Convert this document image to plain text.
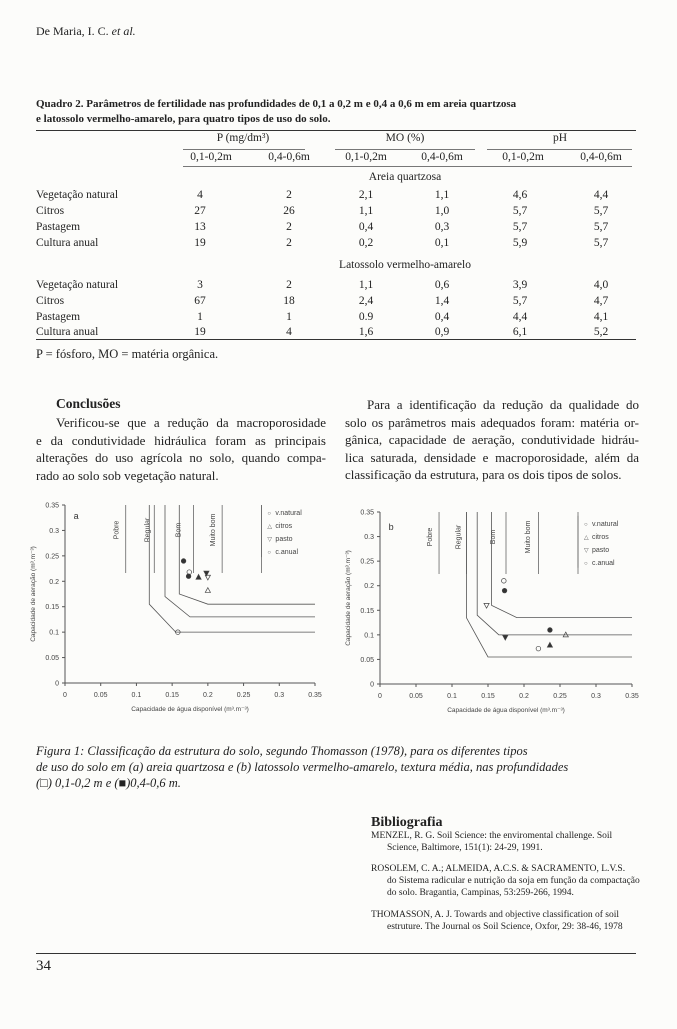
De Maria, I. C. et al.
Quadro 2. Parâmetros de fertilidade nas profundidades de 0,1 a 0,2 m e 0,4 a 0,6 m em areia quartzosa
e latossolo vermelho-amarelo, para quatro tipos de uso do solo.
P (mg/dm³)	MO (%)	pH
0,1-0,2m	0,4-0,6m	0,1-0,2m	0,4-0,6m	0,1-0,2m	0,4-0,6m
Areia quartzosa
Vegetação natural	4	2	2,1	1,1	4,6	4,4
Citros	27	26	1,1	1,0	5,7	5,7
Pastagem	13	2	0,4	0,3	5,7	5,7
Cultura anual	19	2	0,2	0,1	5,9	5,7
Latossolo vermelho-amarelo
Vegetação natural	3	2	1,1	0,6	3,9	4,0
Citros	67	18	2,4	1,4	5,7	4,7
Pastagem	1	1	0.9	0,4	4,4	4,1
Cultura anual	19	4	1,6	0,9	6,1	5,2
P = fósforo, MO = matéria orgânica.
Conclusões
Verificou-se que a redução da macroporosidade
e da condutividade hidráulica foram as principais
alterações do uso agrícola no solo, quando compa-
rado ao solo sob vegetação natural.
Para a identificação da redução da qualidade do
solo os parâmetros mais adequados foram: matéria or-
gânica, capacidade de aeração, condutividade hidráu-
lica saturada, densidade e macroporosidade, além da
classificação da estrutura, para os dois tipos de solos.
0
0.05
0.1
0.15
0.2
0.25
0.3
0.35
0	0.05	0.1	0.15	0.2	0.25	0.3	0.35
Capacidade de água disponível (m³.m⁻³)
Capacidade de aeração (m³.m⁻³)
a
Pobre	Regular	Bom	Muito bom	○ v.natural
△ citros
▽ pasto
○ c.anual
0
0.05
0.1
0.15
0.2
0.25
0.3
0.35
0	0.05	0.1	0.15	0.2	0.25	0.3	0.35
Capacidade de água disponível (m³.m⁻³)
Capacidade de aeração (m³.m⁻³)
b
Pobre	Regular	Bom	Muito bom	○ v.natural
△ citros
▽ pasto
○ c.anual
Figura 1: Classificação da estrutura do solo, segundo Thomasson (1978), para os diferentes tipos
de uso do solo em (a) areia quartzosa e (b) latossolo vermelho-amarelo, textura média, nas profundidades
(□) 0,1-0,2 m e (■)0,4-0,6 m.
Bibliografia
MENZEL, R. G. Soil Science: the enviromental challenge. Soil
Science, Baltimore, 151(1): 24-29, 1991.
ROSOLEM, C. A.; ALMEIDA, A.C.S. & SACRAMENTO, L.V.S.
do Sistema radicular e nutrição da soja em função da compactação do solo. Bragantia, Campinas, 53:259-266, 1994.
THOMASSON, A. J. Towards and objective classification of soil
estruture. The Journal os Soil Science, Oxfor, 29: 38-46, 1978
34
